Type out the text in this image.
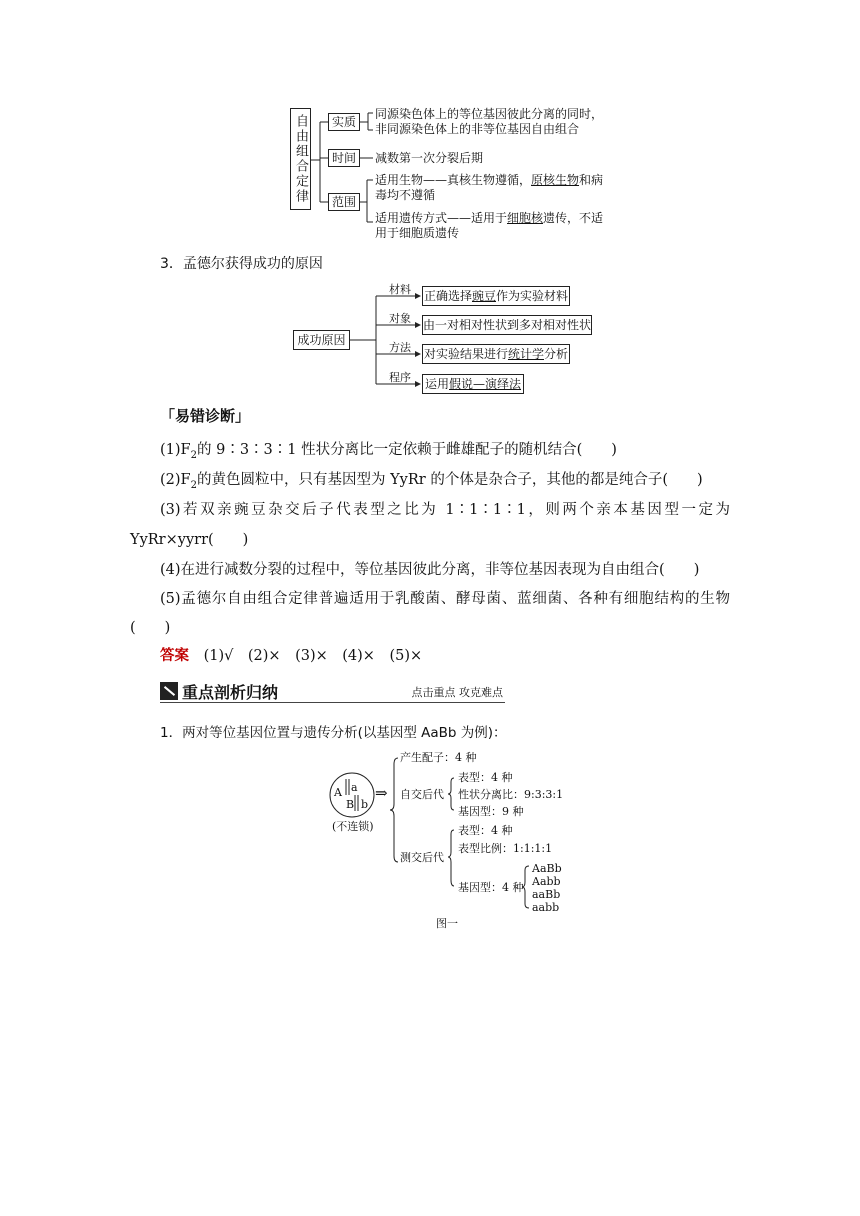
自由组合定律 实质
同源染色体上的等位基因彼此分离的同时，
非同源染色体上的非等位基因自由组合
时间 减数第一次分裂后期
范围
适用生物——真核生物遵循，原核生物和病
毒均不遵循
适用遗传方式——适用于细胞核遗传，不适
用于细胞质遗传
3．孟德尔获得成功的原因
成功原因
材料 正确选择豌豆作为实验材料
对象 由一对相对性状到多对相对性状
方法 对实验结果进行统计学分析
程序 运用假说—演绎法
「易错诊断」
$(1)F_2$的 9∶3∶3∶1 性状分离比一定依赖于雌雄配子的随机结合(　　)
$(2)F_2$的黄色圆粒中，只有基因型为 YyRr 的个体是杂合子，其他的都是纯合子(　　)
(3)若双亲豌豆杂交后子代表型之比为 1∶1∶1∶1，则两个亲本基因型一定为
YyRr×yyrr(　　)
(4)在进行减数分裂的过程中，等位基因彼此分离，非等位基因表现为自由组合(　　)
(5)孟德尔自由组合定律普遍适用于乳酸菌、酵母菌、蓝细菌、各种有细胞结构的生物
(　　)
答案 (1)√　(2)×　(3)×　(4)×　(5)×
重点剖析归纳	点击重点 攻克难点
1．两对等位基因位置与遗传分析(以基因型 AaBb 为例)：
A a
B b
(不连锁)
⇒
产生配子：4 种
自交后代
表型：4 种
性状分离比：9:3:3:1
基因型：9 种
测交后代
表型：4 种
表型比例：1:1:1:1
基因型：4 种
AaBb
Aabb
aaBb
aabb
图一
